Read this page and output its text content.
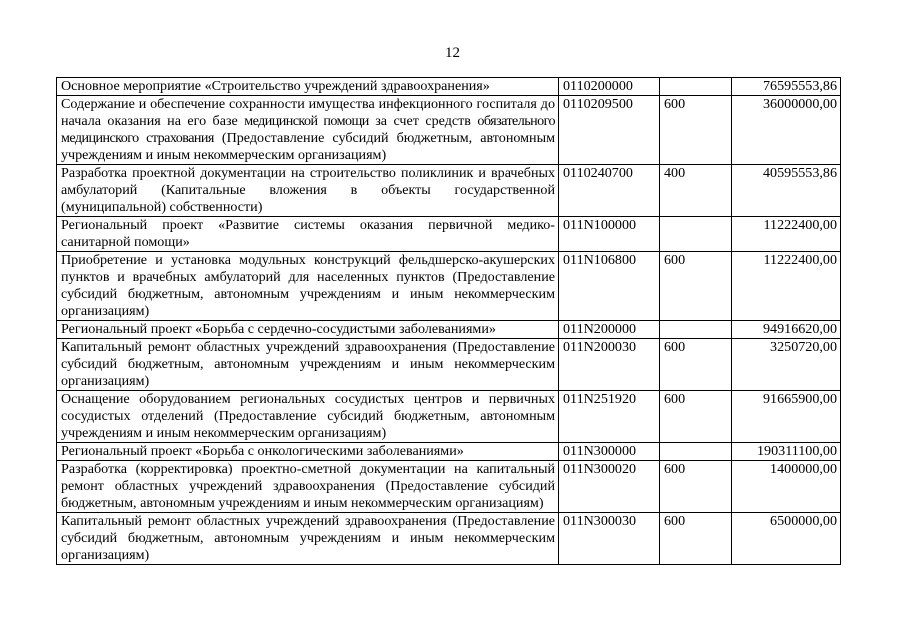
12
Основное мероприятие «Строительство учреждений здравоохранения»	0110200000		76595553,86
Содержание и обеспечение сохранности имущества инфекционного госпиталя до начала оказания на его базе медицинской помощи за счет средств обязательного медицинского страхования (Предоставление субсидий бюджетным, автономным учреждениям и иным некоммерческим организациям)	0110209500	600	36000000,00
Разработка проектной документации на строительство поликлиник и врачебных амбулаторий (Капитальные вложения в объекты государственной (муниципальной) собственности)	0110240700	400	40595553,86
Региональный проект «Развитие системы оказания первичной медико-санитарной помощи»	011N100000		11222400,00
Приобретение и установка модульных конструкций фельдшерско-акушерских пунктов и врачебных амбулаторий для населенных пунктов (Предоставление субсидий бюджетным, автономным учреждениям и иным некоммерческим организациям)	011N106800	600	11222400,00
Региональный проект «Борьба с сердечно-сосудистыми заболеваниями»	011N200000		94916620,00
Капитальный ремонт областных учреждений здравоохранения (Предоставление субсидий бюджетным, автономным учреждениям и иным некоммерческим организациям)	011N200030	600	3250720,00
Оснащение оборудованием региональных сосудистых центров и первичных сосудистых отделений (Предоставление субсидий бюджетным, автономным учреждениям и иным некоммерческим организациям)	011N251920	600	91665900,00
Региональный проект «Борьба с онкологическими заболеваниями»	011N300000		190311100,00
Разработка (корректировка) проектно-сметной документации на капитальный ремонт областных учреждений здравоохранения (Предоставление субсидий бюджетным, автономным учреждениям и иным некоммерческим организациям)	011N300020	600	1400000,00
Капитальный ремонт областных учреждений здравоохранения (Предоставление субсидий бюджетным, автономным учреждениям и иным некоммерческим организациям)	011N300030	600	6500000,00
